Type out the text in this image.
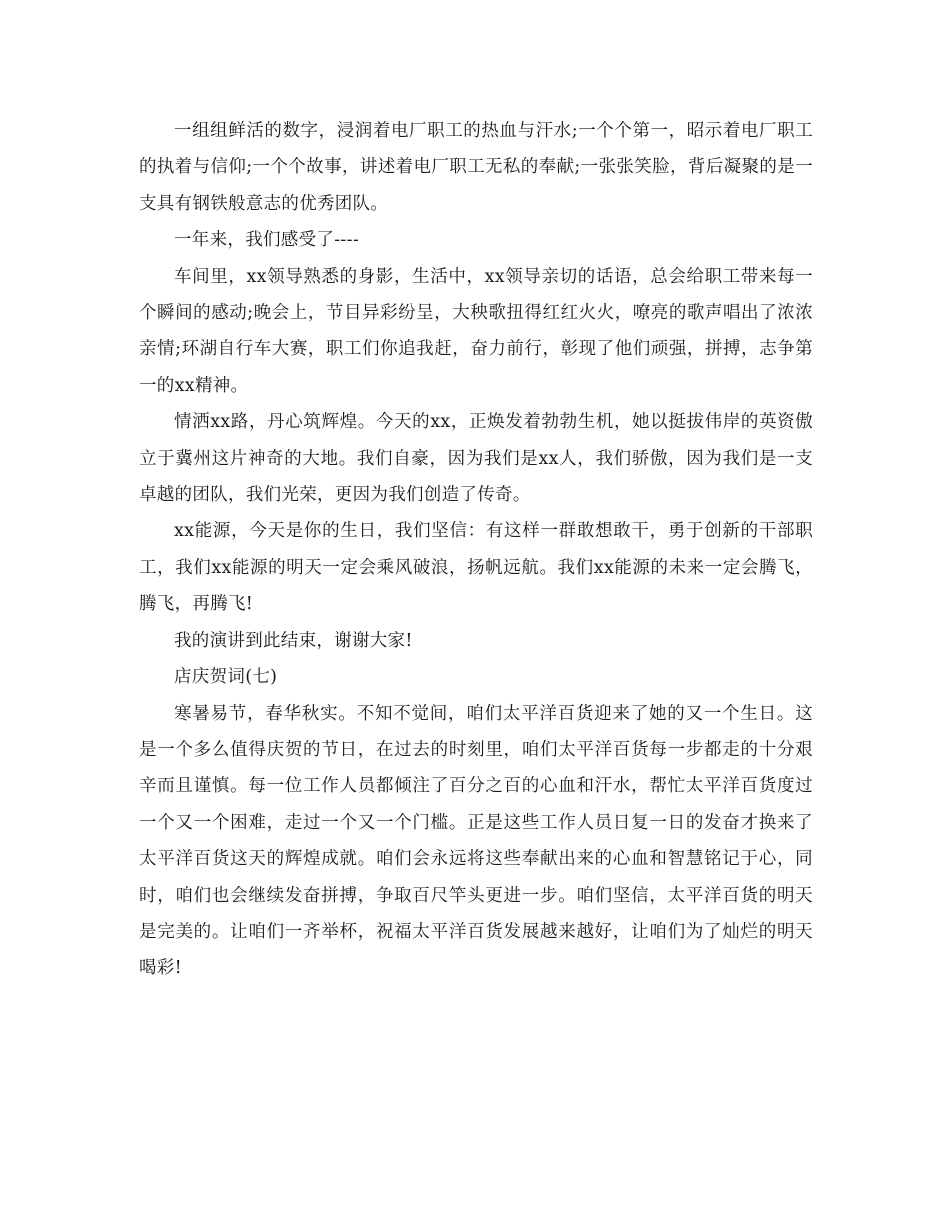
一组组鲜活的数字，浸润着电厂职工的热血与汗水;一个个第一，昭示着电厂职工的执着与信仰;一个个故事，讲述着电厂职工无私的奉献;一张张笑脸，背后凝聚的是一支具有钢铁般意志的优秀团队。

一年来，我们感受了----

车间里，xx领导熟悉的身影，生活中，xx领导亲切的话语，总会给职工带来每一个瞬间的感动;晚会上，节目异彩纷呈，大秧歌扭得红红火火，嘹亮的歌声唱出了浓浓亲情;环湖自行车大赛，职工们你追我赶，奋力前行，彰现了他们顽强，拼搏，志争第一的xx精神。

情洒xx路，丹心筑辉煌。今天的xx，正焕发着勃勃生机，她以挺拔伟岸的英资傲立于冀州这片神奇的大地。我们自豪，因为我们是xx人，我们骄傲，因为我们是一支卓越的团队，我们光荣，更因为我们创造了传奇。

xx能源，今天是你的生日，我们坚信：有这样一群敢想敢干，勇于创新的干部职工，我们xx能源的明天一定会乘风破浪，扬帆远航。我们xx能源的未来一定会腾飞，腾飞，再腾飞!

我的演讲到此结束，谢谢大家!

店庆贺词(七)

寒暑易节，春华秋实。不知不觉间，咱们太平洋百货迎来了她的又一个生日。这是一个多么值得庆贺的节日，在过去的时刻里，咱们太平洋百货每一步都走的十分艰辛而且谨慎。每一位工作人员都倾注了百分之百的心血和汗水，帮忙太平洋百货度过一个又一个困难，走过一个又一个门槛。正是这些工作人员日复一日的发奋才换来了太平洋百货这天的辉煌成就。咱们会永远将这些奉献出来的心血和智慧铭记于心，同时，咱们也会继续发奋拼搏，争取百尺竿头更进一步。咱们坚信，太平洋百货的明天是完美的。让咱们一齐举杯，祝福太平洋百货发展越来越好，让咱们为了灿烂的明天喝彩!
